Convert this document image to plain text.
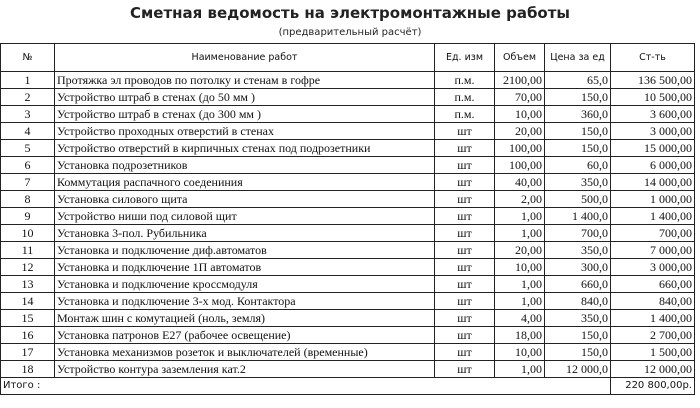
Сметная ведомость на электромонтажные работы
(предварительный расчёт)
№	Наименование работ	Ед. изм	Объем	Цена за ед	Ст-ть
1	Протяжка эл проводов по потолку и стенам в гофре	п.м.	2100,00	65,0	136 500,00
2	Устройство штраб в стенах (до 50 мм )	п.м.	70,00	150,0	10 500,00
3	Устройство штраб в стенах (до 300 мм )	п.м.	10,00	360,0	3 600,00
4	Устройство проходных отверстий в стенах	шт	20,00	150,0	3 000,00
5	Устройство отверстий в кирпичных стенах под подрозетники	шт	100,00	150,0	15 000,00
6	Установка подрозетников	шт	100,00	60,0	6 000,00
7	Коммутация распачного соедениния	шт	40,00	350,0	14 000,00
8	Установка силового щита	шт	2,00	500,0	1 000,00
9	Устройство ниши под силовой щит	шт	1,00	1 400,0	1 400,00
10	Установка 3-пол. Рубильника	шт	1,00	700,0	700,00
11	Установка и подключение диф.автоматов	шт	20,00	350,0	7 000,00
12	Установка и подключение 1П автоматов	шт	10,00	300,0	3 000,00
13	Установка и подключение кроссмодуля	шт	1,00	660,0	660,00
14	Установка и подключение 3-х мод. Контактора	шт	1,00	840,0	840,00
15	Монтаж шин с комутацией (ноль, земля)	шт	4,00	350,0	1 400,00
16	Установка патронов Е27 (рабочее освещение)	шт	18,00	150,0	2 700,00
17	Установка механизмов розеток и выключателей (временные)	шт	10,00	150,0	1 500,00
18	Устройство контура заземления кат.2	шт	1,00	12 000,0	12 000,00
Итого :					220 800,00р.
